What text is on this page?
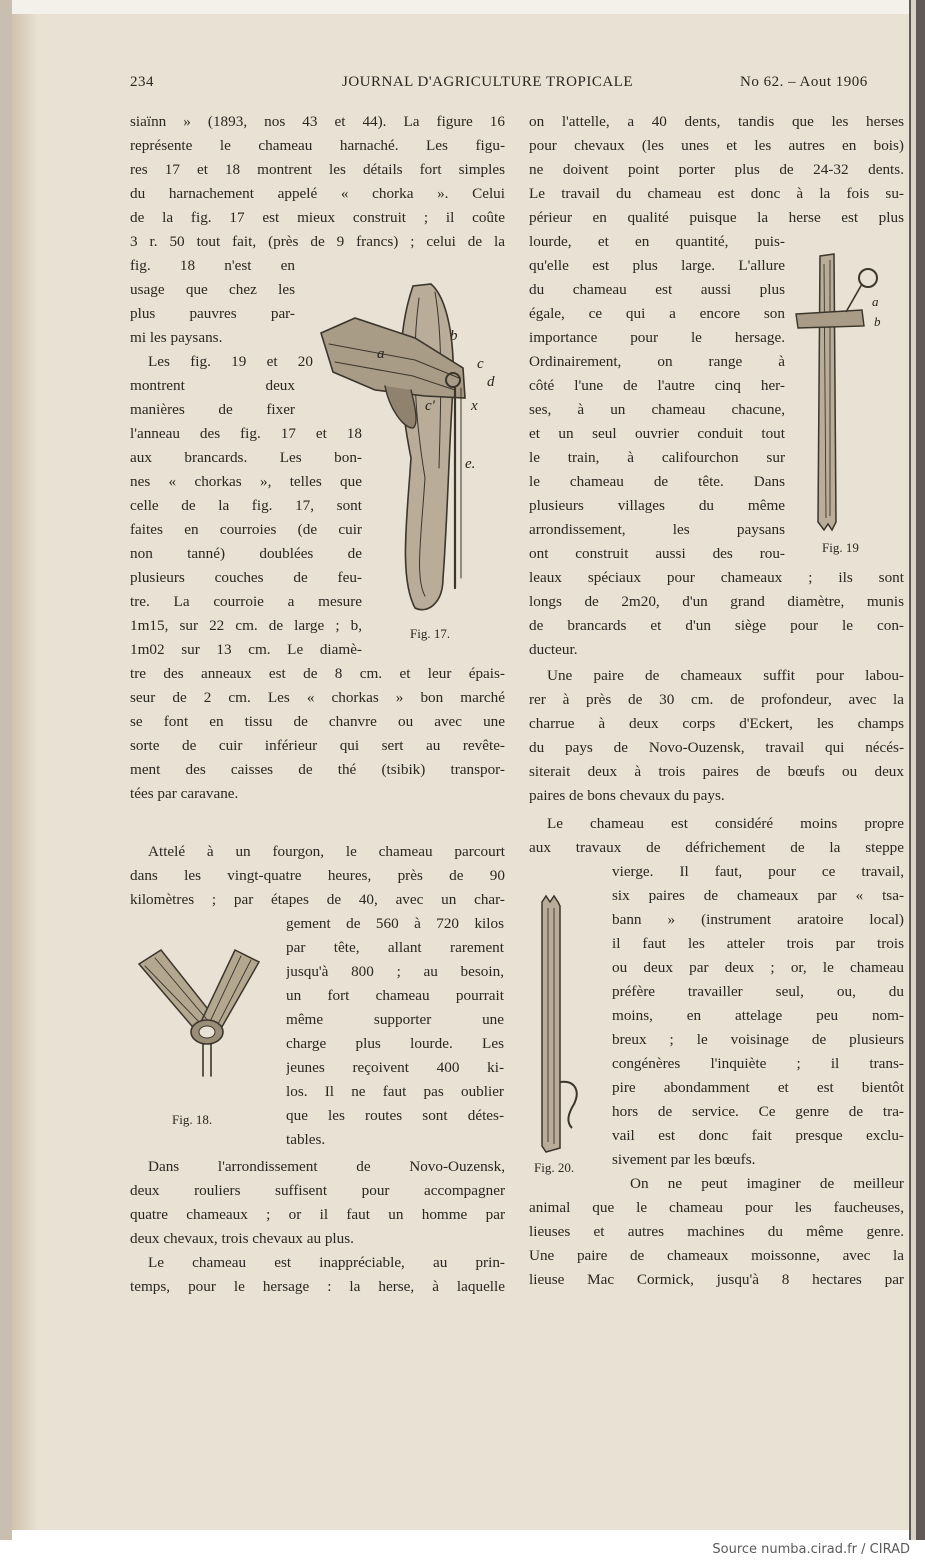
234	JOURNAL D'AGRICULTURE TROPICALE	No 62. – Aout 1906
siaïnn » (1893, nos 43 et 44). La figure 16
représente le chameau harnaché. Les figu-
res 17 et 18 montrent les détails fort simples
du harnachement appelé « chorka ». Celui
de la fig. 17 est mieux construit ; il coûte
3 r. 50 tout fait, (près de 9 francs) ; celui de la
fig. 18 n'est en
usage que chez les
plus pauvres par-
mi les paysans.
Les fig. 19 et 20
montrent deux
manières de fixer
l'anneau des fig. 17 et 18
aux brancards. Les bon-
nes « chorkas », telles que
celle de la fig. 17, sont
faites en courroies (de cuir
non tanné) doublées de
plusieurs couches de feu-
tre. La courroie a mesure
1m15, sur 22 cm. de large ; b,
1m02 sur 13 cm. Le diamè-
tre des anneaux est de 8 cm. et leur épais-
seur de 2 cm. Les « chorkas » bon marché
se font en tissu de chanvre ou avec une
sorte de cuir inférieur qui sert au revête-
ment des caisses de thé (tsibik) transpor-
tées par caravane.
Attelé à un fourgon, le chameau parcourt
dans les vingt-quatre heures, près de 90
kilomètres ; par étapes de 40, avec un char-
gement de 560 à 720 kilos
par tête, allant rarement
jusqu'à 800 ; au besoin,
un fort chameau pourrait
même supporter une
charge plus lourde. Les
jeunes reçoivent 400 ki-
los. Il ne faut pas oublier
que les routes sont détes-
tables.
Dans l'arrondissement de Novo-Ouzensk,
deux rouliers suffisent pour accompagner
quatre chameaux ; or il faut un homme par
deux chevaux, trois chevaux au plus.
Le chameau est inappréciable, au prin-
temps, pour le hersage : la herse, à laquelle
on l'attelle, a 40 dents, tandis que les herses
pour chevaux (les unes et les autres en bois)
ne doivent point porter plus de 24-32 dents.
Le travail du chameau est donc à la fois su-
périeur en qualité puisque la herse est plus
lourde, et en quantité, puis-
qu'elle est plus large. L'allure
du chameau est aussi plus
égale, ce qui a encore son
importance pour le hersage.
Ordinairement, on range à
côté l'une de l'autre cinq her-
ses, à un chameau chacune,
et un seul ouvrier conduit tout
le train, à califourchon sur
le chameau de tête. Dans
plusieurs villages du même
arrondissement, les paysans
ont construit aussi des rou-
leaux spéciaux pour chameaux ; ils sont
longs de 2m20, d'un grand diamètre, munis
de brancards et d'un siège pour le con-
ducteur.
Une paire de chameaux suffit pour labou-
rer à près de 30 cm. de profondeur, avec la
charrue à deux corps d'Eckert, les champs
du pays de Novo-Ouzensk, travail qui nécés-
siterait deux à trois paires de bœufs ou deux
paires de bons chevaux du pays.
Le chameau est considéré moins propre
aux travaux de défrichement de la steppe
vierge. Il faut, pour ce travail,
six paires de chameaux par « tsa-
bann » (instrument aratoire local)
il faut les atteler trois par trois
ou deux par deux ; or, le chameau
préfère travailler seul, ou, du
moins, en attelage peu nom-
breux ; le voisinage de plusieurs
congénères l'inquiète ; il trans-
pire abondamment et est bientôt
hors de service. Ce genre de tra-
vail est donc fait presque exclu-
sivement par les bœufs.
On ne peut imaginer de meilleur
animal que le chameau pour les faucheuses,
lieuses et autres machines du même genre.
Une paire de chameaux moissonne, avec la
lieuse Mac Cormick, jusqu'à 8 hectares par
a
b
c
c'
d
x
e.
Fig. 17.
Fig. 18.
a
b
Fig. 19
Fig. 20.
Source numba.cirad.fr / CIRAD
